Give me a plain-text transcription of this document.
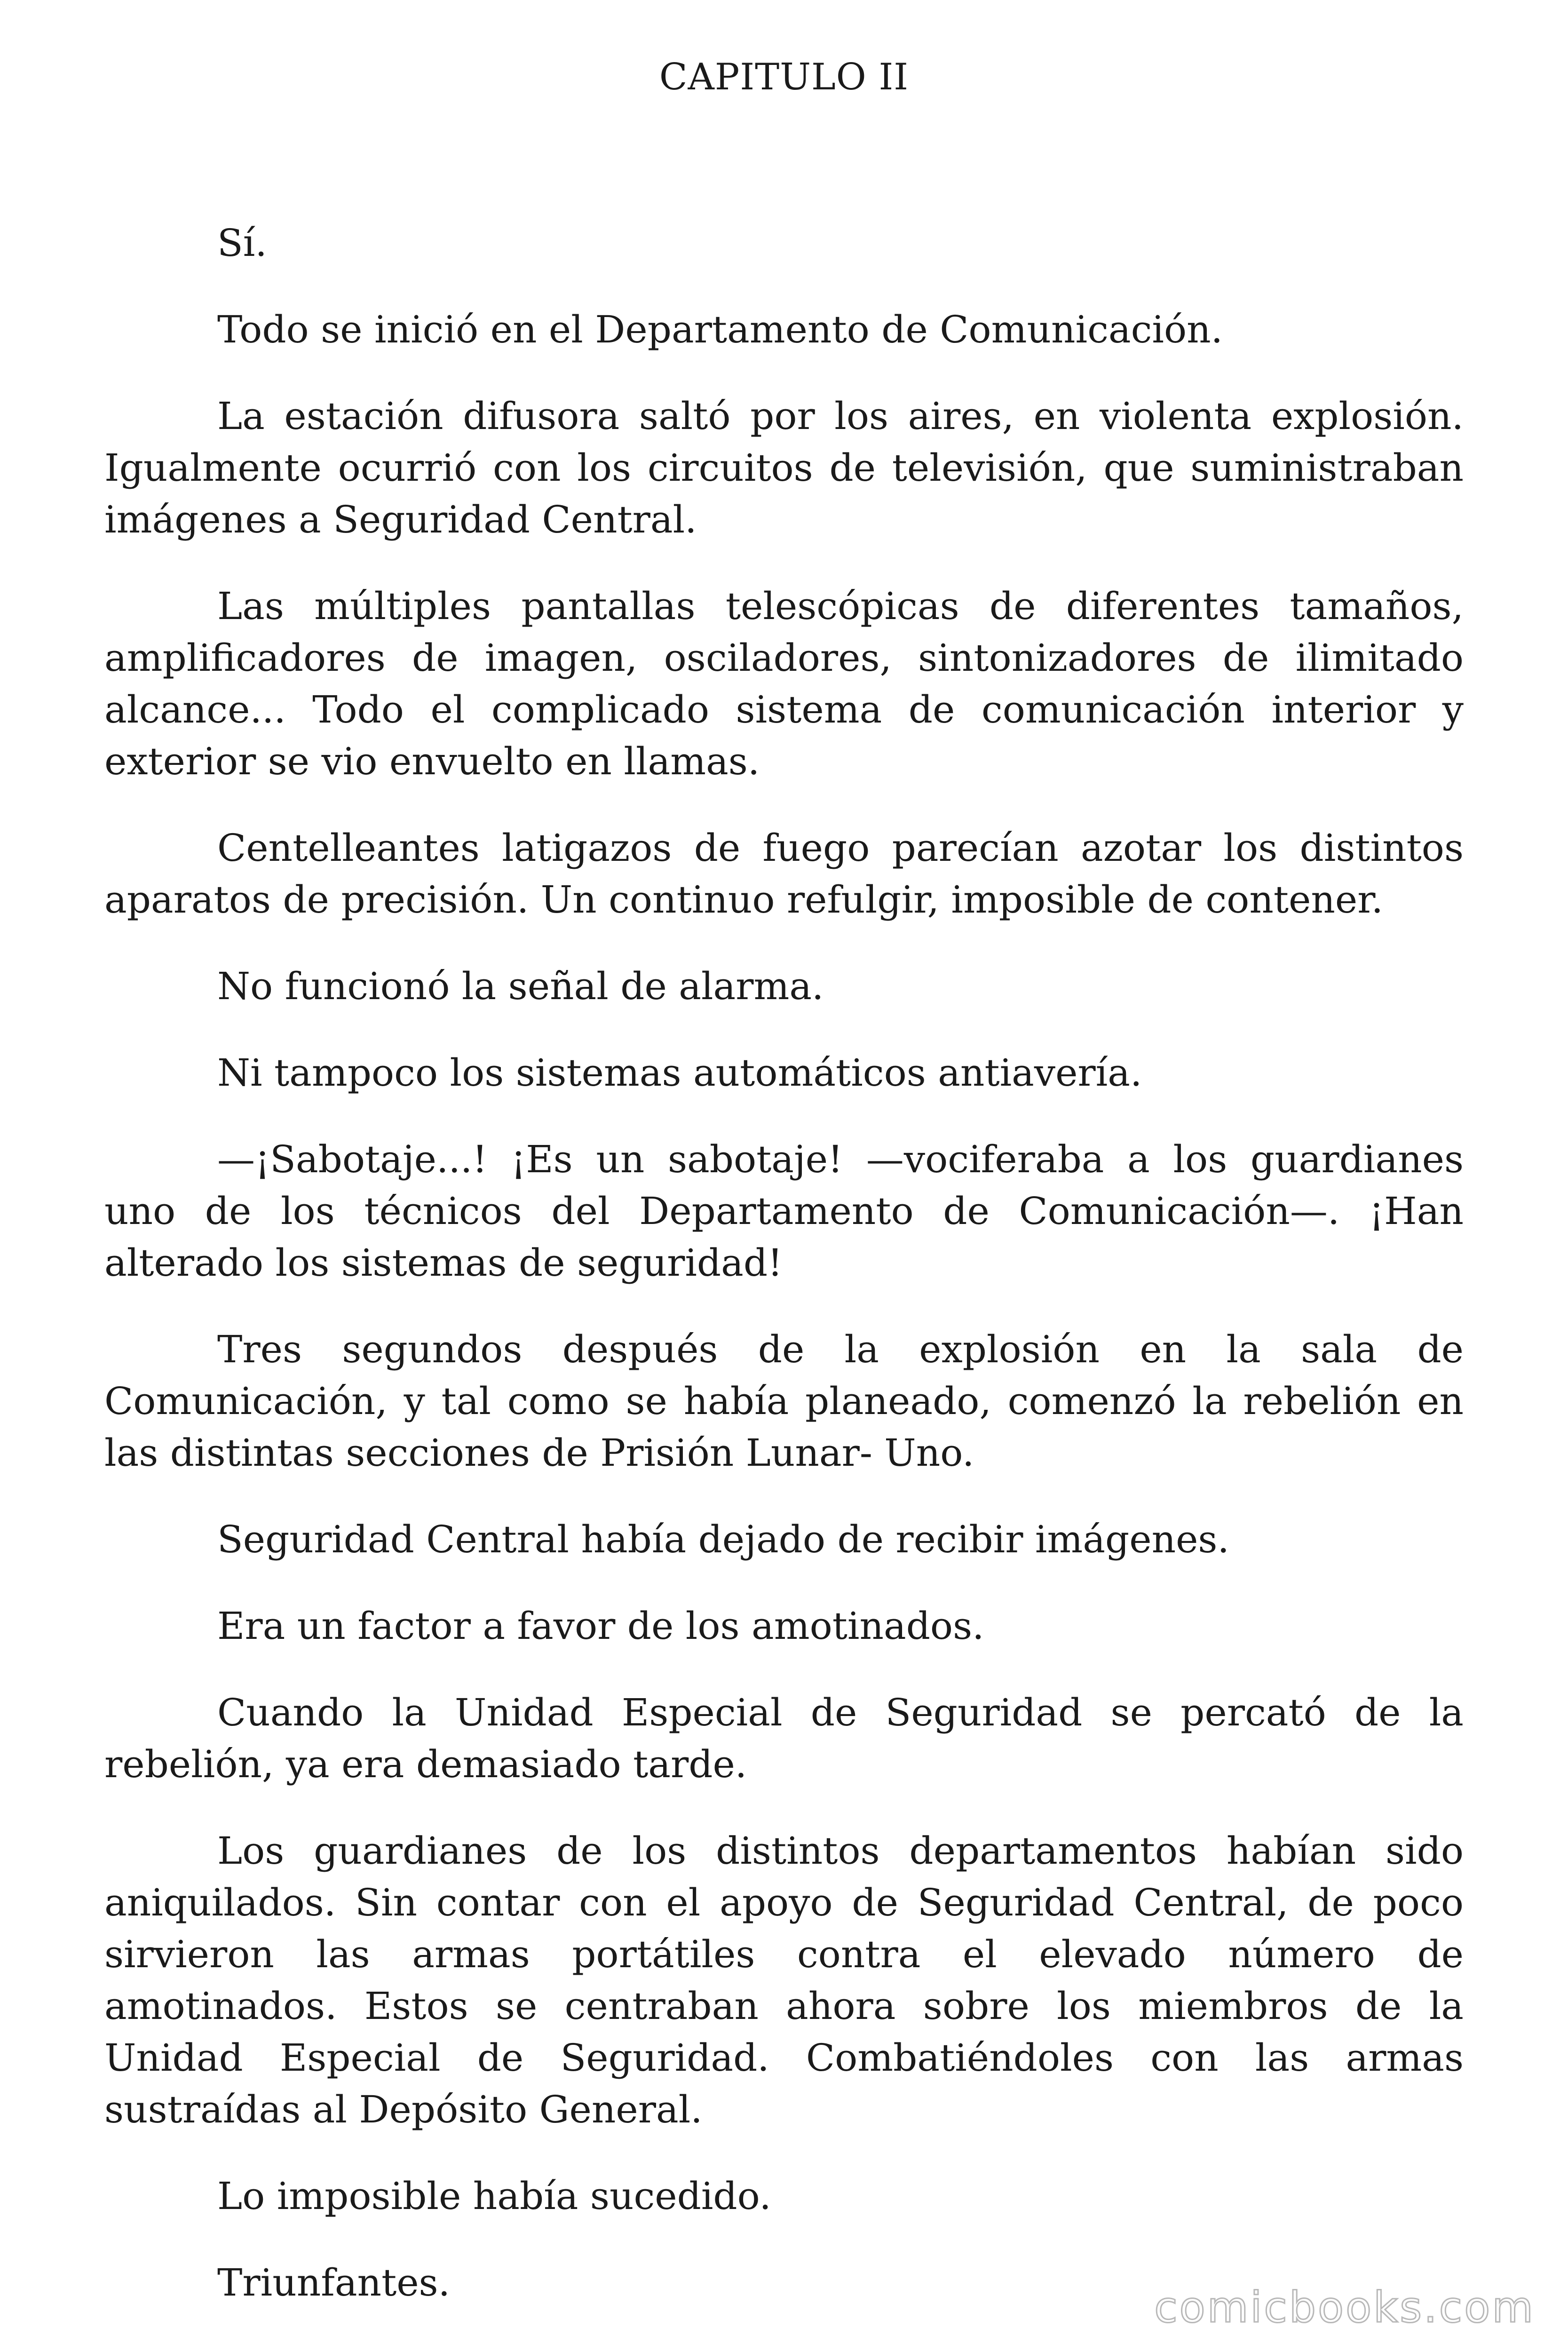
CAPITULO II

Sí.

Todo se inició en el Departamento de Comunicación.

La estación difusora saltó por los aires, en violenta explosión. Igualmente ocurrió con los circuitos de televisión, que suministraban imágenes a Seguridad Central.

Las múltiples pantallas telescópicas de diferentes tamaños, amplificadores de imagen, osciladores, sintonizadores de ilimitado alcance... Todo el complicado sistema de comunicación interior y exterior se vio envuelto en llamas.

Centelleantes latigazos de fuego parecían azotar los distintos aparatos de precisión. Un continuo refulgir, imposible de contener.

No funcionó la señal de alarma.

Ni tampoco los sistemas automáticos antiavería.

—¡Sabotaje...! ¡Es un sabotaje! —vociferaba a los guardianes uno de los técnicos del Departamento de Comunicación—. ¡Han alterado los sistemas de seguridad!

Tres segundos después de la explosión en la sala de Comunicación, y tal como se había planeado, comenzó la rebelión en las distintas secciones de Prisión Lunar- Uno.

Seguridad Central había dejado de recibir imágenes.

Era un factor a favor de los amotinados.

Cuando la Unidad Especial de Seguridad se percató de la rebelión, ya era demasiado tarde.

Los guardianes de los distintos departamentos habían sido aniquilados. Sin contar con el apoyo de Seguridad Central, de poco sirvieron las armas portátiles contra el elevado número de amotinados. Estos se centraban ahora sobre los miembros de la Unidad Especial de Seguridad. Combatiéndoles con las armas sustraídas al Depósito General.

Lo imposible había sucedido.

Triunfantes.

comicbooks.com
